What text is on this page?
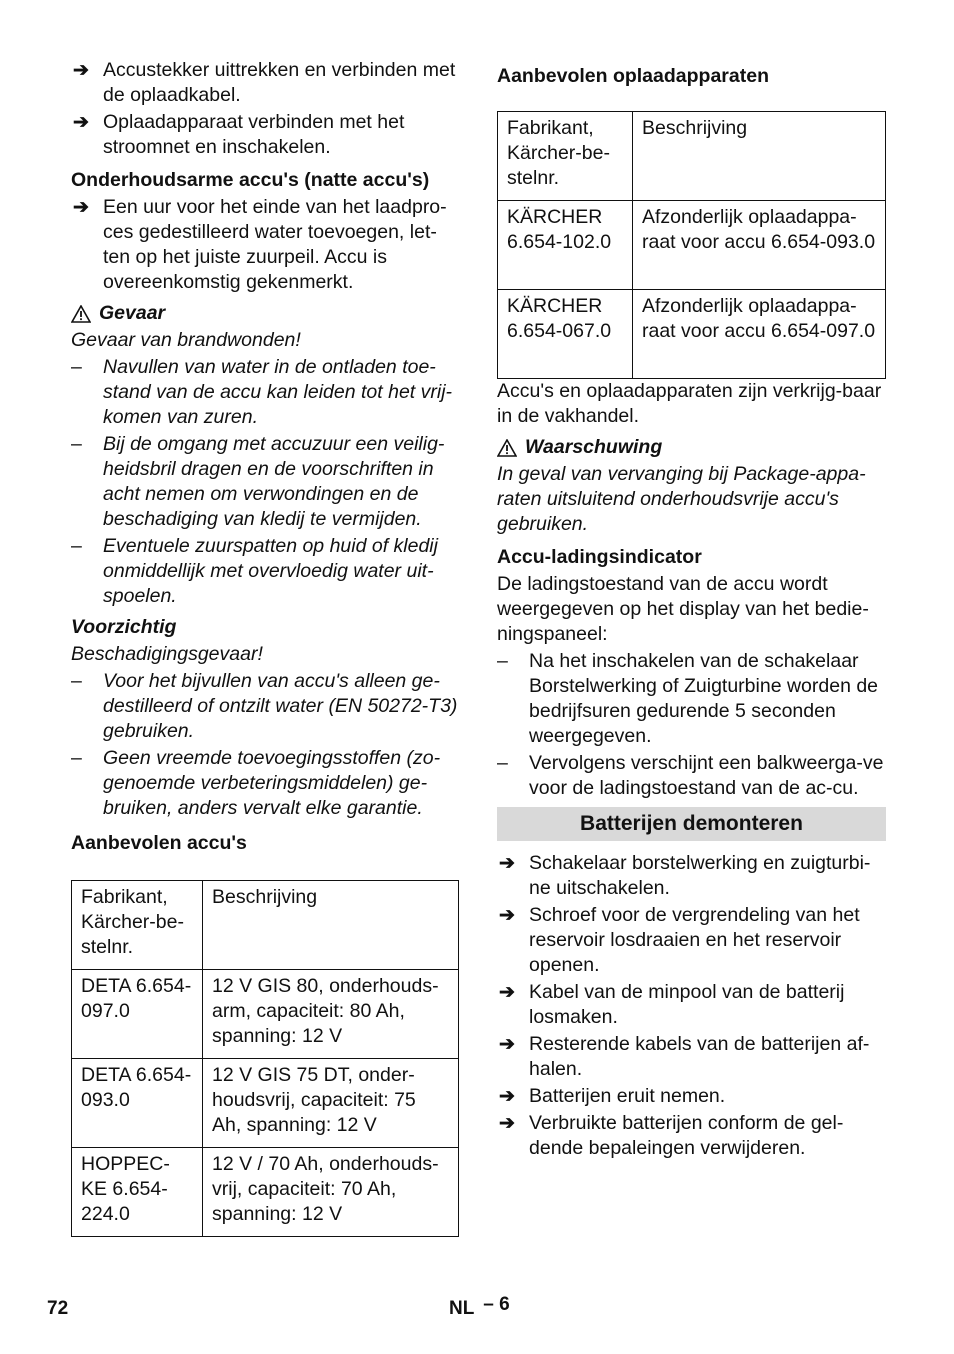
➔ Accustekker uittrekken en verbinden met de oplaadkabel.
➔ Oplaadapparaat verbinden met het stroomnet en inschakelen.
Onderhoudsarme accu's (natte accu's)
➔ Een uur voor het einde van het laadpro-ces gedestilleerd water toevoegen, let-ten op het juiste zuurpeil. Accu is overeenkomstig gekenmerkt.
Gevaar
Gevaar van brandwonden!
– Navullen van water in de ontladen toe-stand van de accu kan leiden tot het vrij-komen van zuren.
– Bij de omgang met accuzuur een veilig-heidsbril dragen en de voorschriften in acht nemen om verwondingen en de beschadiging van kledij te vermijden.
– Eventuele zuurspatten op huid of kledij onmiddellijk met overvloedig water uit-spoelen.
Voorzichtig
Beschadigingsgevaar!
– Voor het bijvullen van accu's alleen ge-destilleerd of ontzilt water (EN 50272-T3) gebruiken.
– Geen vreemde toevoegingsstoffen (zo-genoemde verbeteringsmiddelen) ge-bruiken, anders vervalt elke garantie.
Aanbevolen accu's
Fabrikant, Kärcher-be-stelnr.	Beschrijving
DETA 6.654-097.0	12 V GIS 80, onderhouds-arm, capaciteit: 80 Ah, spanning: 12 V
DETA 6.654-093.0	12 V GIS 75 DT, onder-houdsvrij, capaciteit: 75 Ah, spanning: 12 V
HOPPEC-KE 6.654-224.0	12 V / 70 Ah, onderhouds-vrij, capaciteit: 70 Ah, spanning: 12 V
Aanbevolen oplaadapparaten
Fabrikant, Kärcher-be-stelnr.	Beschrijving
KÄRCHER 6.654-102.0	Afzonderlijk oplaadappa-raat voor accu 6.654-093.0
KÄRCHER 6.654-067.0	Afzonderlijk oplaadappa-raat voor accu 6.654-097.0
Accu's en oplaadapparaten zijn verkrijg-baar in de vakhandel.
Waarschuwing
In geval van vervanging bij Package-appa-raten uitsluitend onderhoudsvrije accu's gebruiken.
Accu-ladingsindicator
De ladingstoestand van de accu wordt weergegeven op het display van het bedie-ningspaneel:
– Na het inschakelen van de schakelaar Borstelwerking of Zuigturbine worden de bedrijfsuren gedurende 5 seconden weergegeven.
– Vervolgens verschijnt een balkweerga-ve voor de ladingstoestand van de ac-cu.
Batterijen demonteren
➔ Schakelaar borstelwerking en zuigturbi-ne uitschakelen.
➔ Schroef voor de vergrendeling van het reservoir losdraaien en het reservoir openen.
➔ Kabel van de minpool van de batterij losmaken.
➔ Resterende kabels van de batterijen af-halen.
➔ Batterijen eruit nemen.
➔ Verbruikte batterijen conform de gel-dende bepaleingen verwijderen.
72	NL – 6
